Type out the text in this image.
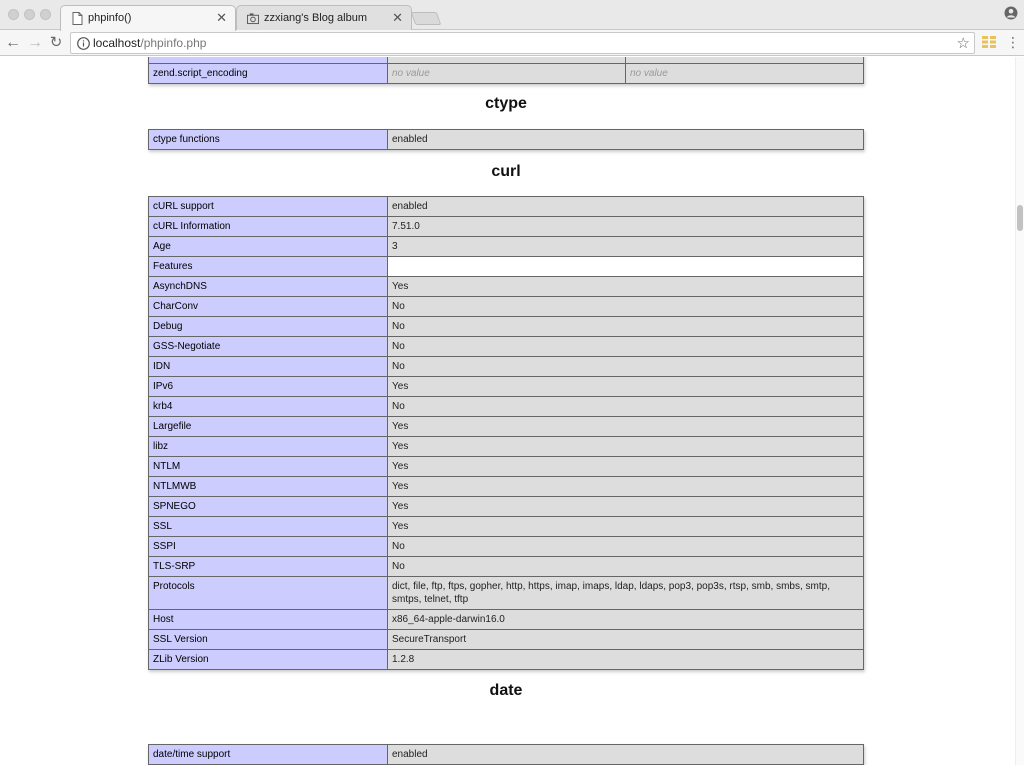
phpinfo()	✕	zzxiang's Blog album ✕
← → ↻	localhost/phpinfo.php	☆	⋮

zend.script_encoding	no value	no value
ctype
ctype functions	enabled
curl
cURL support	enabled
cURL Information	7.51.0
Age	3
Features	
AsynchDNS	Yes
CharConv	No
Debug	No
GSS-Negotiate	No
IDN	No
IPv6	Yes
krb4	No
Largefile	Yes
libz	Yes
NTLM	Yes
NTLMWB	Yes
SPNEGO	Yes
SSL	Yes
SSPI	No
TLS-SRP	No
Protocols	dict, file, ftp, ftps, gopher, http, https, imap, imaps, ldap, ldaps, pop3, pop3s, rtsp, smb, smbs, smtp, smtps, telnet, tftp
Host	x86_64-apple-darwin16.0
SSL Version	SecureTransport
ZLib Version	1.2.8
date
date/time support	enabled
